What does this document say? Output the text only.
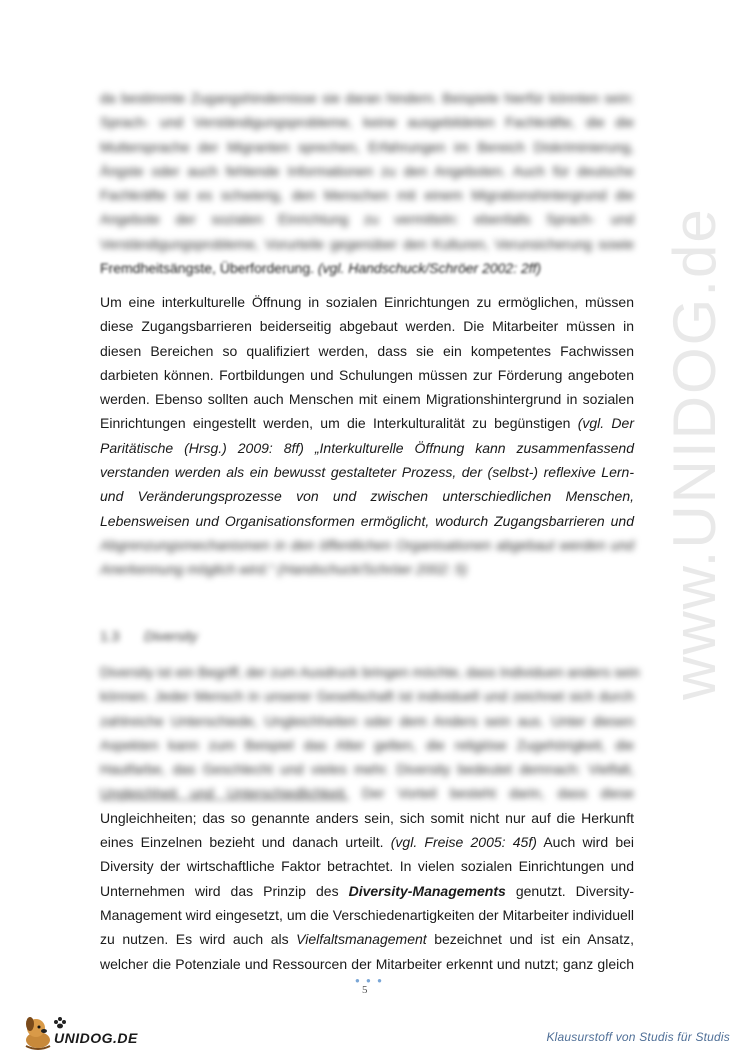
www.UNIDOG.de
da bestimmte Zugangshindernisse sie daran hindern. Beispiele hierfür könnten sein:
Sprach- und Verständigungsprobleme, keine ausgebildeten Fachkräfte, die die
Muttersprache der Migranten sprechen, Erfahrungen im Bereich Diskriminierung,
Ängste oder auch fehlende Informationen zu den Angeboten. Auch für deutsche
Fachkräfte ist es schwierig, den Menschen mit einem Migrationshintergrund die
Angebote der sozialen Einrichtung zu vermitteln: ebenfalls Sprach- und
Verständigungsprobleme, Vorurteile gegenüber den Kulturen, Verunsicherung sowie
Fremdheitsängste, Überforderung. (vgl. Handschuck/Schröer 2002: 2ff)
Um eine interkulturelle Öffnung in sozialen Einrichtungen zu ermöglichen, müssen
diese Zugangsbarrieren beiderseitig abgebaut werden. Die Mitarbeiter müssen in
diesen Bereichen so qualifiziert werden, dass sie ein kompetentes Fachwissen
darbieten können. Fortbildungen und Schulungen müssen zur Förderung angeboten
werden. Ebenso sollten auch Menschen mit einem Migrationshintergrund in sozialen
Einrichtungen eingestellt werden, um die Interkulturalität zu begünstigen (vgl. Der
Paritätische (Hrsg.) 2009: 8ff) „Interkulturelle Öffnung kann zusammenfassend
verstanden werden als ein bewusst gestalteter Prozess, der (selbst-) reflexive Lern-
und Veränderungsprozesse von und zwischen unterschiedlichen Menschen,
Lebensweisen und Organisationsformen ermöglicht, wodurch Zugangsbarrieren und
Abgrenzungsmechanismen in den öffentlichen Organisationen abgebaut werden und
Anerkennung möglich wird.“ (Handschuck/Schröer 2002: 5)
1.3 Diversity
Diversity ist ein Begriff, der zum Ausdruck bringen möchte, dass Individuen anders sein
können. Jeder Mensch in unserer Gesellschaft ist individuell und zeichnet sich durch
zahlreiche Unterschiede, Ungleichheiten oder dem Anders sein aus. Unter diesen
Aspekten kann zum Beispiel das Alter gelten, die religiöse Zugehörigkeit, die
Hautfarbe, das Geschlecht und vieles mehr. Diversity bedeutet demnach: Vielfalt,
Ungleichheit und Unterschiedlichkeit. Der Vorteil besteht darin, dass diese
Ungleichheiten; das so genannte anders sein, sich somit nicht nur auf die Herkunft
eines Einzelnen bezieht und danach urteilt. (vgl. Freise 2005: 45f) Auch wird bei
Diversity der wirtschaftliche Faktor betrachtet. In vielen sozialen Einrichtungen und
Unternehmen wird das Prinzip des Diversity-Managements genutzt. Diversity-
Management wird eingesetzt, um die Verschiedenartigkeiten der Mitarbeiter individuell
zu nutzen. Es wird auch als Vielfaltsmanagement bezeichnet und ist ein Ansatz,
welcher die Potenziale und Ressourcen der Mitarbeiter erkennt und nutzt; ganz gleich
● ● ●
5
UNIDOG.DE	Klausurstoff von Studis für Studis
